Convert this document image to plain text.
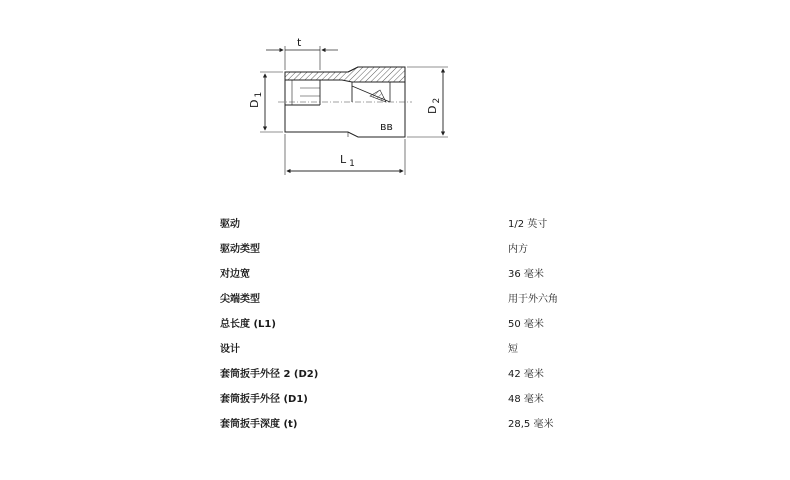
ʙʙ
t
$D_1$
$D_2$
L $_1$
驱动	1/2 英寸
驱动类型	内方
对边宽	36 毫米
尖端类型	用于外六角
总长度 (L1)	50 毫米
设计	短
套筒扳手外径 2 (D2)	42 毫米
套筒扳手外径 (D1)	48 毫米
套筒扳手深度 (t)	28,5 毫米
